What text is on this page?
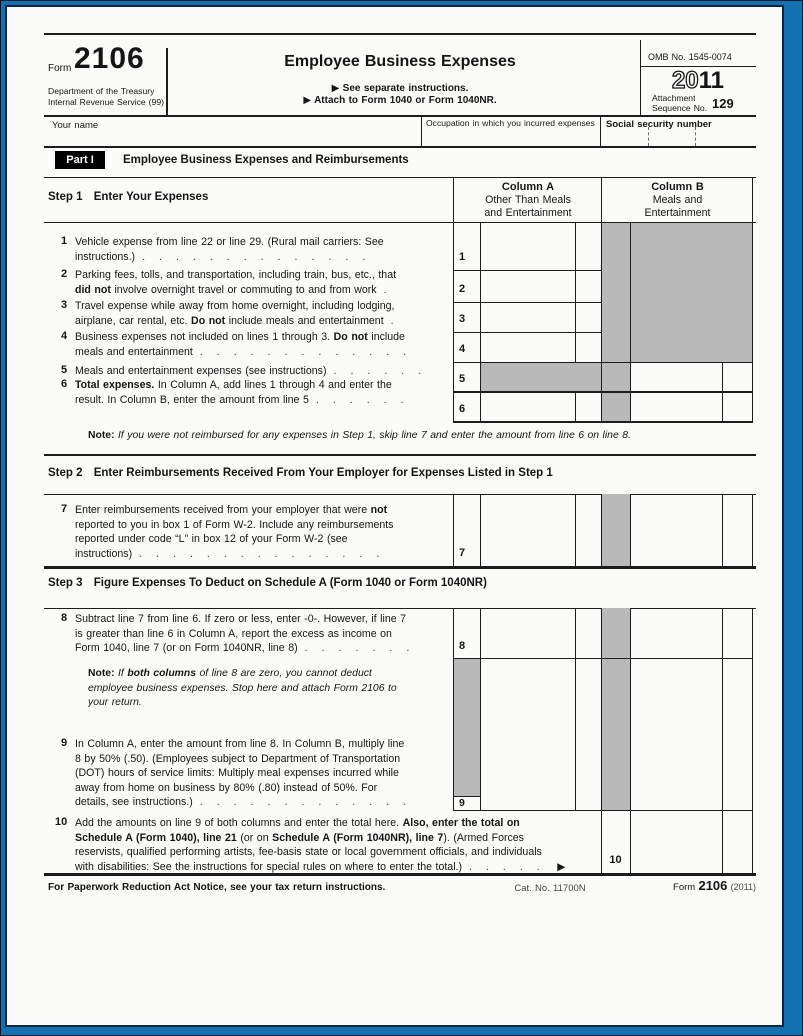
Form 2106
Department of the Treasury
Internal Revenue Service (99)
Employee Business Expenses
▶ See separate instructions.
▶ Attach to Form 1040 or Form 1040NR.
OMB No. 1545-0074
2011
Attachment
Sequence No. 129
Your name	Occupation in which you incurred expenses	Social security number
Part I	Employee Business Expenses and Reimbursements
Step 1 Enter Your Expenses
Column A
Other Than Meals
and Entertainment
Column B
Meals and
Entertainment
1
2
3
4
5
6
1 Vehicle expense from line 22 or line 29. (Rural mail carriers: See
instructions.) ..............
2 Parking fees, tolls, and transportation, including train, bus, etc., that
did not involve overnight travel or commuting to and from work .
3 Travel expense while away from home overnight, including lodging,
airplane, car rental, etc. Do not include meals and entertainment .
4 Business expenses not included on lines 1 through 3. Do not include
meals and entertainment .............
5 Meals and entertainment expenses (see instructions) ......
6 Total expenses. In Column A, add lines 1 through 4 and enter the
result. In Column B, enter the amount from line 5 ......
Note: If you were not reimbursed for any expenses in Step 1, skip line 7 and enter the amount from line 6 on line 8.
Step 2 Enter Reimbursements Received From Your Employer for Expenses Listed in Step 1
7
7 Enter reimbursements received from your employer that were not
reported to you in box 1 of Form W-2. Include any reimbursements
reported under code “L” in box 12 of your Form W-2 (see
instructions) ...............
Step 3 Figure Expenses To Deduct on Schedule A (Form 1040 or Form 1040NR)
8
9
10
8 Subtract line 7 from line 6. If zero or less, enter -0-. However, if line 7
is greater than line 6 in Column A, report the excess as income on
Form 1040, line 7 (or on Form 1040NR, line 8) .......
Note: If both columns of line 8 are zero, you cannot deduct
employee business expenses. Stop here and attach Form 2106 to
your return.
9 In Column A, enter the amount from line 8. In Column B, multiply line
8 by 50% (.50). (Employees subject to Department of Transportation
(DOT) hours of service limits: Multiply meal expenses incurred while
away from home on business by 80% (.80) instead of 50%. For
details, see instructions.) .............
10 Add the amounts on line 9 of both columns and enter the total here. Also, enter the total on
Schedule A (Form 1040), line 21 (or on Schedule A (Form 1040NR), line 7). (Armed Forces
reservists, qualified performing artists, fee-basis state or local government officials, and individuals
with disabilities: See the instructions for special rules on where to enter the total.) ..... ▶
For Paperwork Reduction Act Notice, see your tax return instructions.	Cat. No. 11700N	Form 2106 (2011)
